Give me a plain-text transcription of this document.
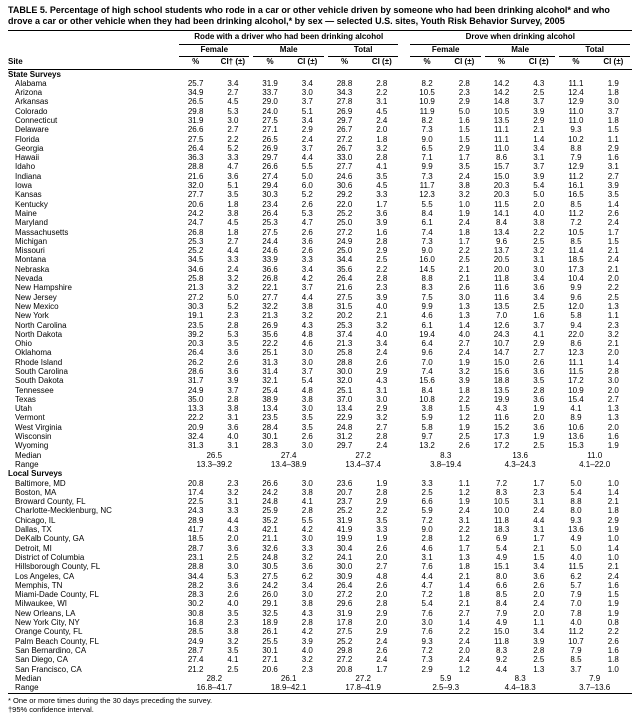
TABLE 5. Percentage of high school students who rode in a car or other vehicle driven by someone who had been drinking alcohol* and who drove a car or other vehicle when they had been drinking alcohol,* by sex — selected U.S. sites, Youth Risk Behavior Survey, 2005

	Rode with a driver who had been drinking alcohol							Drove when drinking alcohol					

	Female		Male		Total			Female		Male		Total	

Site	%	CI† (±)	%	CI (±)	%	CI (±)		%	CI (±)	%	CI (±)	%	CI (±)
State Surveys													
Alabama	25.7	3.4	31.9	3.4	28.8	2.8		8.2	2.8	14.2	4.3	11.1	1.9
Arizona	34.9	2.7	33.7	3.0	34.3	2.2		10.5	2.3	14.2	2.5	12.4	1.8
Arkansas	26.5	4.5	29.0	3.7	27.8	3.1		10.9	2.9	14.8	3.7	12.9	3.0
Colorado	29.8	5.3	24.0	5.1	26.9	4.5		11.9	5.0	10.5	3.9	11.0	3.7
Connecticut	31.9	3.0	27.5	3.4	29.7	2.4		8.2	1.6	13.5	2.9	11.0	1.8
Delaware	26.6	2.7	27.1	2.9	26.7	2.0		7.3	1.5	11.1	2.1	9.3	1.5
Florida	27.5	2.2	26.5	2.4	27.2	1.8		9.0	1.5	11.1	1.4	10.2	1.1
Georgia	26.4	5.2	26.9	3.7	26.7	3.2		6.5	2.9	11.0	3.4	8.8	2.9
Hawaii	36.3	3.3	29.7	4.4	33.0	2.8		7.1	1.7	8.6	3.1	7.9	1.6
Idaho	28.8	4.7	26.6	5.5	27.7	4.1		9.9	3.5	15.7	3.7	12.9	3.1
Indiana	21.6	3.6	27.4	5.0	24.6	3.5		7.3	2.4	15.0	3.9	11.2	2.7
Iowa	32.0	5.1	29.4	6.0	30.6	4.5		11.7	3.8	20.3	5.4	16.1	3.9
Kansas	27.7	3.5	30.3	5.2	29.2	3.3		12.3	3.2	20.3	5.0	16.5	3.5
Kentucky	20.6	1.8	23.4	2.6	22.0	1.7		5.5	1.0	11.5	2.0	8.5	1.4
Maine	24.2	3.8	26.4	5.3	25.2	3.6		8.4	1.9	14.1	4.0	11.2	2.6
Maryland	24.7	4.5	25.3	4.7	25.0	3.9		6.1	2.4	8.4	3.8	7.2	2.4
Massachusetts	26.8	1.8	27.5	2.6	27.2	1.6		7.4	1.8	13.4	2.2	10.5	1.7
Michigan	25.3	2.7	24.4	3.6	24.9	2.8		7.3	1.7	9.6	2.5	8.5	1.5
Missouri	25.2	4.4	24.6	2.6	25.0	2.9		9.0	2.2	13.7	3.2	11.4	2.1
Montana	34.5	3.3	33.9	3.3	34.4	2.5		16.0	2.5	20.5	3.1	18.5	2.4
Nebraska	34.6	2.4	36.6	3.4	35.6	2.2		14.5	2.1	20.0	3.0	17.3	2.1
Nevada	25.8	3.2	26.8	4.2	26.4	2.8		8.8	2.1	11.8	3.4	10.4	2.0
New Hampshire	21.3	3.2	22.1	3.7	21.6	2.3		8.3	2.6	11.6	3.6	9.9	2.2
New Jersey	27.2	5.0	27.7	4.4	27.5	3.9		7.5	3.0	11.6	3.4	9.6	2.5
New Mexico	30.3	5.2	32.2	3.8	31.5	4.0		9.9	1.3	13.5	2.5	12.0	1.3
New York	19.1	2.3	21.3	3.2	20.2	2.1		4.6	1.3	7.0	1.6	5.8	1.1
North Carolina	23.5	2.8	26.9	4.3	25.3	3.2		6.1	1.4	12.6	3.7	9.4	2.3
North Dakota	39.2	5.3	35.6	4.8	37.4	4.0		19.4	4.0	24.3	4.1	22.0	3.2
Ohio	20.3	3.5	22.2	4.6	21.3	3.4		6.4	2.7	10.7	2.9	8.6	2.1
Oklahoma	26.4	3.6	25.1	3.0	25.8	2.4		9.6	2.4	14.7	2.7	12.3	2.0
Rhode Island	26.2	2.6	31.3	3.0	28.8	2.6		7.0	1.9	15.0	2.6	11.1	1.4
South Carolina	28.6	3.6	31.4	3.7	30.0	2.9		7.4	3.2	15.6	3.6	11.5	2.8
South Dakota	31.7	3.9	32.1	5.4	32.0	4.3		15.6	3.9	18.8	3.5	17.2	3.0
Tennessee	24.9	3.7	25.4	4.8	25.1	3.1		8.4	1.8	13.5	2.8	10.9	2.0
Texas	35.0	2.8	38.9	3.8	37.0	3.0		10.8	2.2	19.9	3.6	15.4	2.7
Utah	13.3	3.8	13.4	3.0	13.4	2.9		3.8	1.5	4.3	1.9	4.1	1.3
Vermont	22.2	3.1	23.5	3.5	22.9	3.2		5.9	1.2	11.6	2.0	8.9	1.3
West Virginia	20.9	3.6	28.4	3.5	24.8	2.7		5.8	1.9	15.2	3.6	10.6	2.0
Wisconsin	32.4	4.0	30.1	2.6	31.2	2.8		9.7	2.5	17.3	1.9	13.6	1.6
Wyoming	31.3	3.1	28.3	3.0	29.7	2.4		13.2	2.6	17.2	2.5	15.3	1.9
Median	26.5		27.4		27.2			8.3		13.6		11.0	
Range	13.3–39.2		13.4–38.9		13.4–37.4			3.8–19.4		4.3–24.3		4.1–22.0	
Local Surveys													
Baltimore, MD	20.8	2.3	26.6	3.0	23.6	1.9		3.3	1.1	7.2	1.7	5.0	1.0
Boston, MA	17.4	3.2	24.2	3.8	20.7	2.8		2.5	1.2	8.3	2.3	5.4	1.4
Broward County, FL	22.5	3.1	24.8	4.1	23.7	2.9		6.6	1.9	10.5	3.1	8.8	2.1
Charlotte-Mecklenburg, NC	24.3	3.3	25.9	2.8	25.2	2.2		5.9	2.4	10.0	2.4	8.0	1.8
Chicago, IL	28.9	4.4	35.2	5.5	31.9	3.5		7.2	3.1	11.8	4.4	9.3	2.9
Dallas, TX	41.7	4.3	42.1	4.2	41.9	3.3		9.0	2.2	18.3	3.1	13.6	1.9
DeKalb County, GA	18.5	2.0	21.1	3.0	19.9	1.9		2.8	1.2	6.9	1.7	4.9	1.0
Detroit, MI	28.7	3.6	32.6	3.3	30.4	2.6		4.6	1.7	5.4	2.1	5.0	1.4
District of Columbia	23.1	2.5	24.8	3.2	24.1	2.0		3.1	1.3	4.9	1.5	4.0	1.0
Hillsborough County, FL	28.8	3.0	30.5	3.6	30.0	2.7		7.6	1.8	15.1	3.4	11.5	2.1
Los Angeles, CA	34.4	5.3	27.5	6.2	30.9	4.8		4.4	2.1	8.0	3.6	6.2	2.4
Memphis, TN	28.2	3.6	24.2	3.4	26.4	2.6		4.7	1.4	6.6	2.6	5.7	1.6
Miami-Dade County, FL	28.3	2.6	26.0	3.0	27.2	2.0		7.2	1.8	8.5	2.0	7.9	1.5
Milwaukee, WI	30.2	4.0	29.1	3.8	29.6	2.8		5.4	2.1	8.4	2.4	7.0	1.9
New Orleans, LA	30.8	3.5	32.5	4.3	31.9	2.9		7.6	2.7	7.9	2.0	7.8	1.9
New York City, NY	16.8	2.3	18.9	2.8	17.8	2.0		3.0	1.4	4.9	1.1	4.0	0.8
Orange County, FL	28.5	3.8	26.1	4.2	27.5	2.9		7.6	2.2	15.0	3.4	11.2	2.2
Palm Beach County, FL	24.9	3.2	25.5	3.9	25.2	2.4		9.3	2.4	11.8	3.9	10.7	2.6
San Bernardino, CA	28.7	3.5	30.1	4.0	29.8	2.6		7.2	2.0	8.3	2.8	7.9	1.6
San Diego, CA	27.4	4.1	27.1	3.2	27.2	2.4		7.3	2.4	9.2	2.5	8.5	1.8
San Francisco, CA	21.2	2.5	20.6	2.3	20.8	1.7		2.9	1.2	4.4	1.3	3.7	1.0
Median	28.2		26.1		27.2			5.9		8.3		7.9	
Range	16.8–41.7		18.9–42.1		17.8–41.9			2.5–9.3		4.4–18.3		3.7–13.6	
* One or more times during the 30 days preceding the survey.
†95% confidence interval.
